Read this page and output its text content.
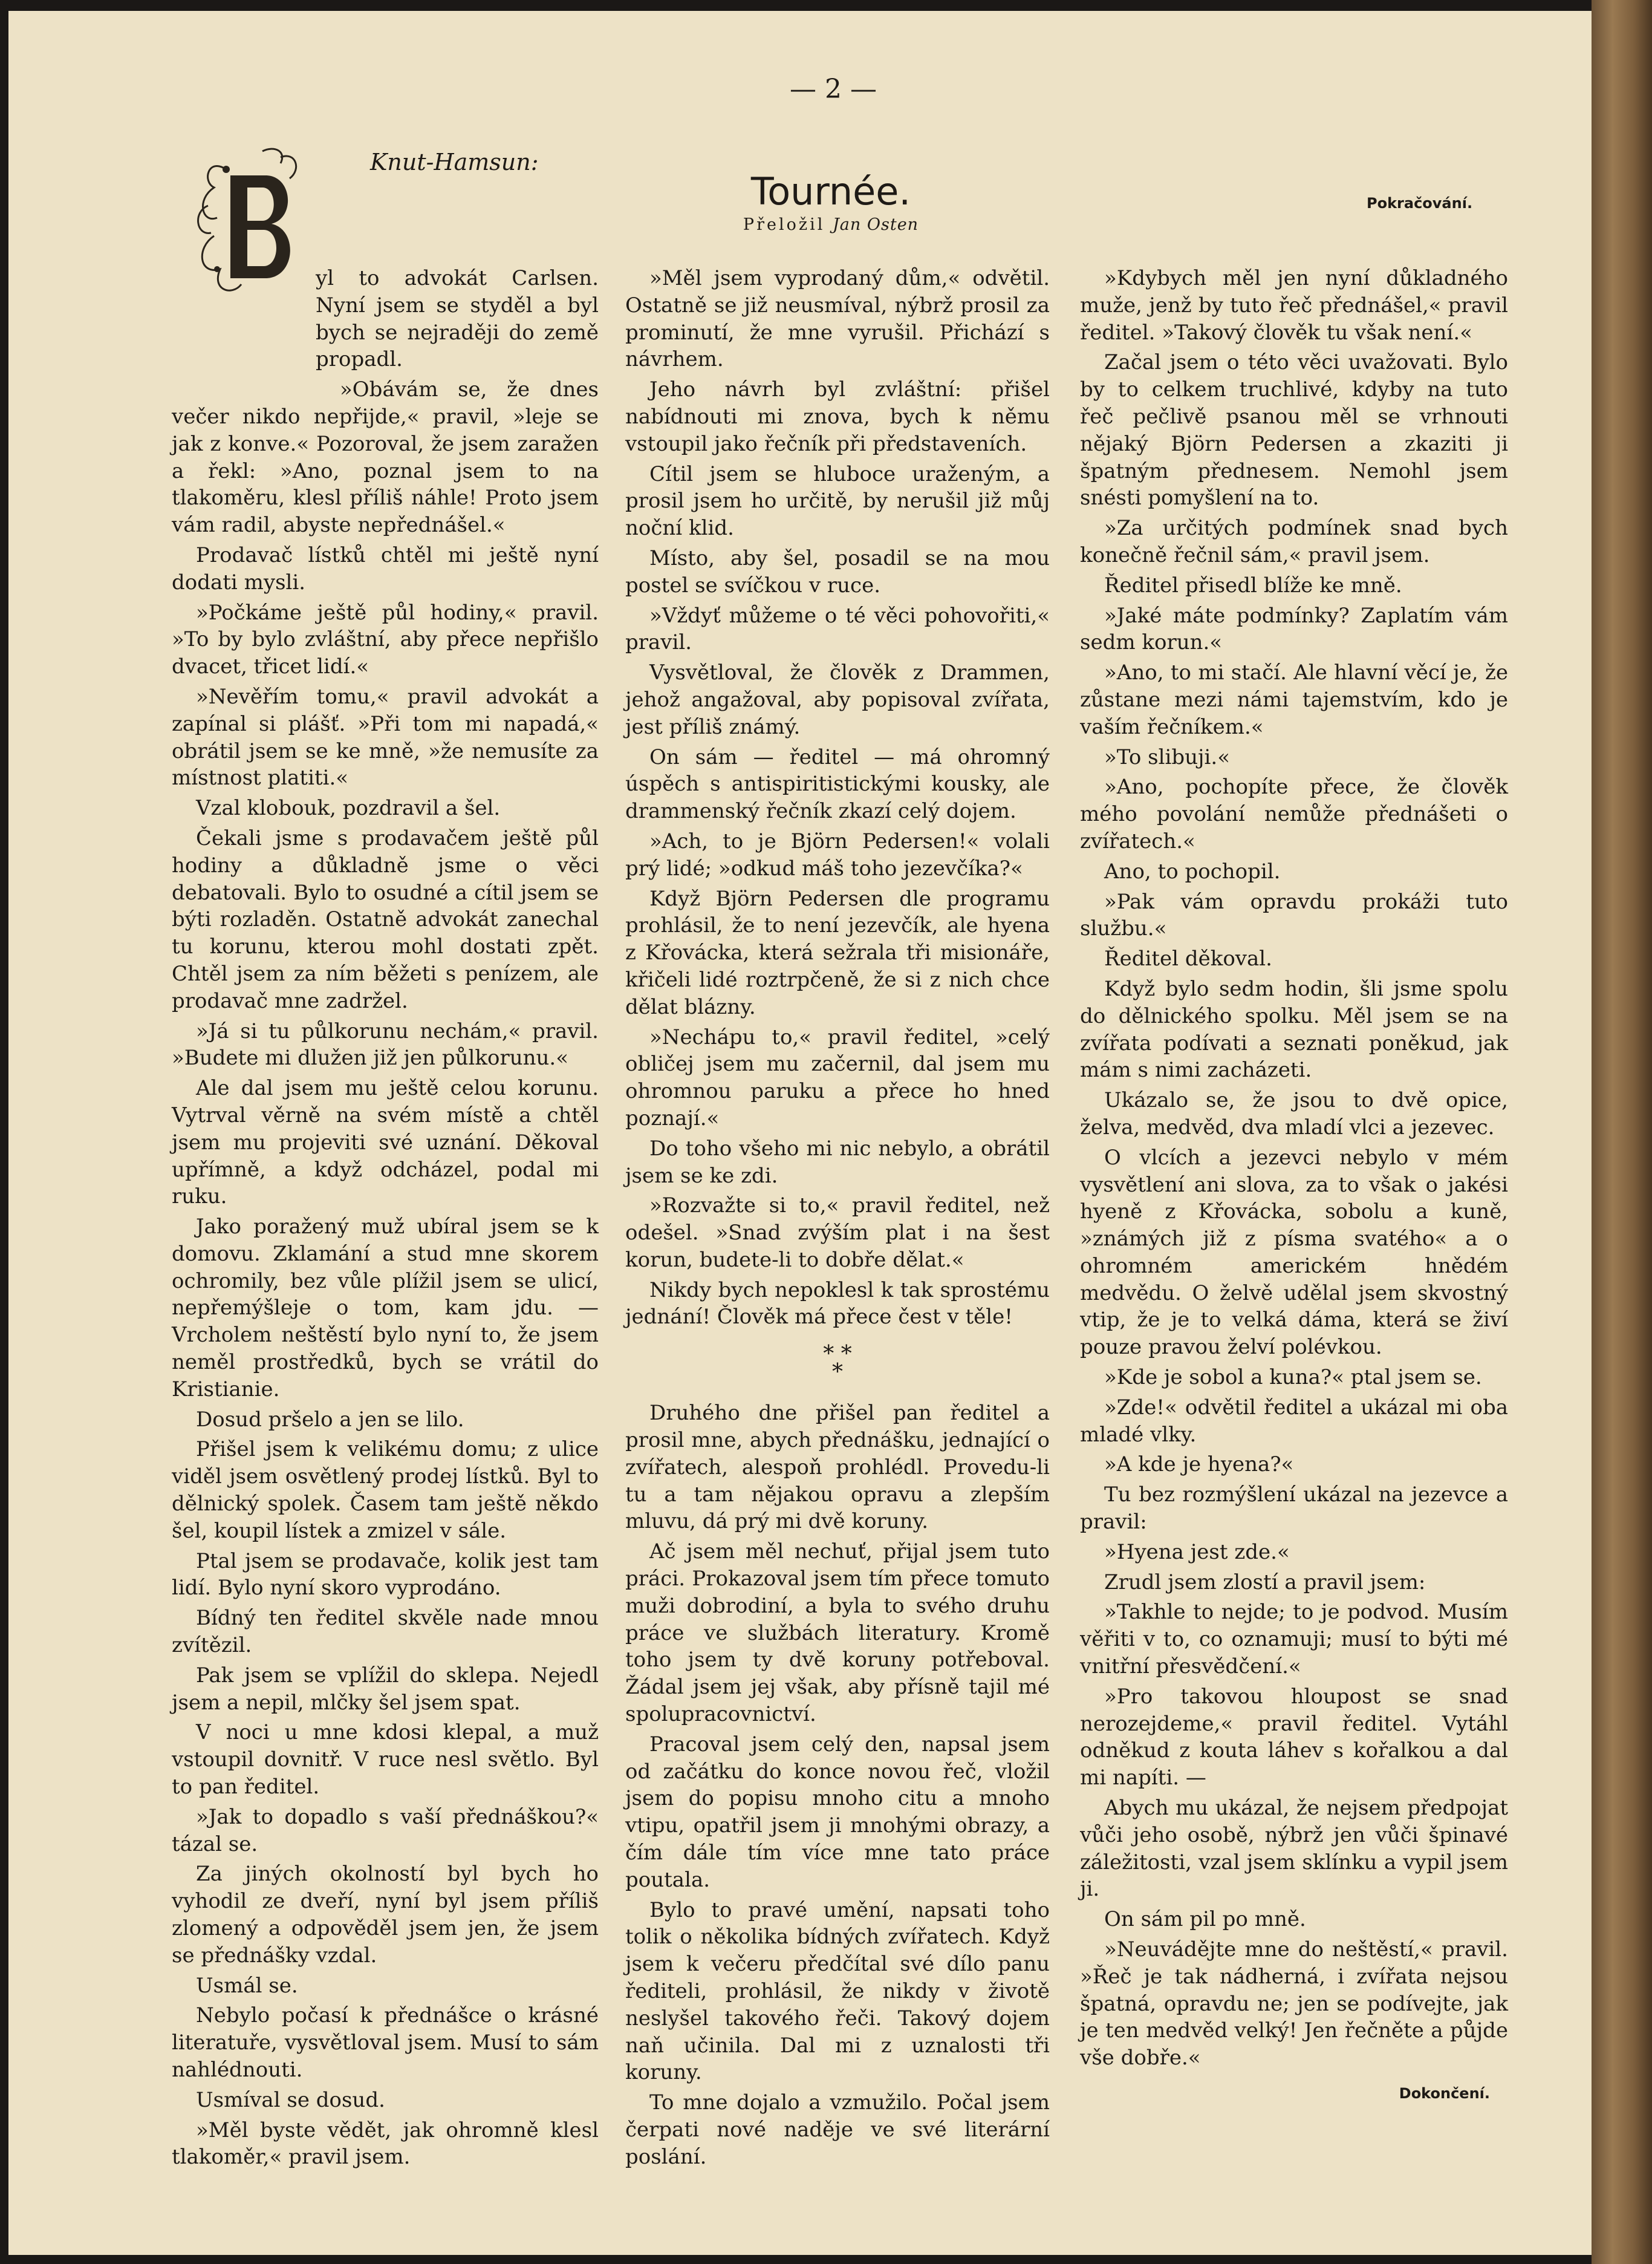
— 2 —
Knut-Hamsun:
Tournée.
Přeložil Jan Osten
Pokračování.

yl to advokát Carlsen. Nyní jsem se styděl a byl bych se nejraději do země propadl.

»Obávám se, že dnes večer nikdo nepřijde,« pravil, »leje se jak z konve.« Pozoroval, že jsem zaražen a řekl: »Ano, poznal jsem to na tlakoměru, klesl příliš náhle! Proto jsem vám radil, abyste nepřednášel.«

Prodavač lístků chtěl mi ještě nyní dodati mysli.

»Počkáme ještě půl hodiny,« pravil. »To by bylo zvláštní, aby přece nepřišlo dvacet, třicet lidí.«

»Nevěřím tomu,« pravil advokát a zapínal si plášť. »Při tom mi napadá,« obrátil jsem se ke mně, »že nemusíte za místnost platiti.«

Vzal klobouk, pozdravil a šel.

Čekali jsme s prodavačem ještě půl hodiny a důkladně jsme o věci debatovali. Bylo to osudné a cítil jsem se býti rozladěn. Ostatně advokát zanechal tu korunu, kterou mohl dostati zpět. Chtěl jsem za ním běžeti s penízem, ale prodavač mne zadržel.

»Já si tu půlkorunu nechám,« pravil. »Budete mi dlužen již jen půlkorunu.«

Ale dal jsem mu ještě celou korunu. Vytrval věrně na svém místě a chtěl jsem mu projeviti své uznání. Děkoval upřímně, a když odcházel, podal mi ruku.

Jako poražený muž ubíral jsem se k domovu. Zklamání a stud mne skorem ochromily, bez vůle plížil jsem se ulicí, nepřemýšleje o tom, kam jdu. — Vrcholem neštěstí bylo nyní to, že jsem neměl prostředků, bych se vrátil do Kristianie.

Dosud pršelo a jen se lilo.

Přišel jsem k velikému domu; z ulice viděl jsem osvětlený prodej lístků. Byl to dělnický spolek. Časem tam ještě někdo šel, koupil lístek a zmizel v sále.

Ptal jsem se prodavače, kolik jest tam lidí. Bylo nyní skoro vyprodáno.

Bídný ten ředitel skvěle nade mnou zvítězil.

Pak jsem se vplížil do sklepa. Nejedl jsem a nepil, mlčky šel jsem spat.

V noci u mne kdosi klepal, a muž vstoupil dovnitř. V ruce nesl světlo. Byl to pan ředitel.

»Jak to dopadlo s vaší přednáškou?« tázal se.

Za jiných okolností byl bych ho vyhodil ze dveří, nyní byl jsem příliš zlomený a odpověděl jsem jen, že jsem se přednášky vzdal.

Usmál se.

Nebylo počasí k přednášce o krásné literatuře, vysvětloval jsem. Musí to sám nahlédnouti.

Usmíval se dosud.

»Měl byste vědět, jak ohromně klesl tlakoměr,« pravil jsem.

»Měl jsem vyprodaný dům,« odvětil. Ostatně se již neusmíval, nýbrž prosil za prominutí, že mne vyrušil. Přichází s návrhem.

Jeho návrh byl zvláštní: přišel nabídnouti mi znova, bych k němu vstoupil jako řečník při představeních.

Cítil jsem se hluboce uraženým, a prosil jsem ho určitě, by nerušil již můj noční klid.

Místo, aby šel, posadil se na mou postel se svíčkou v ruce.

»Vždyť můžeme o té věci pohovořiti,« pravil.

Vysvětloval, že člověk z Drammen, jehož angažoval, aby popisoval zvířata, jest příliš známý.

On sám — ředitel — má ohromný úspěch s antispiritistickými kousky, ale drammenský řečník zkazí celý dojem.

»Ach, to je Björn Pedersen!« volali prý lidé; »odkud máš toho jezevčíka?«

Když Björn Pedersen dle programu prohlásil, že to není jezevčík, ale hyena z Křovácka, která sežrala tři misionáře, křičeli lidé roztrpčeně, že si z nich chce dělat blázny.

»Nechápu to,« pravil ředitel, »celý obličej jsem mu začernil, dal jsem mu ohromnou paruku a přece ho hned poznají.«

Do toho všeho mi nic nebylo, a obrátil jsem se ke zdi.

»Rozvažte si to,« pravil ředitel, než odešel. »Snad zvýším plat i na šest korun, budete-li to dobře dělat.«

Nikdy bych nepoklesl k tak sprostému jednání! Člověk má přece čest v těle!

* *
*

Druhého dne přišel pan ředitel a prosil mne, abych přednášku, jednající o zvířatech, alespoň prohlédl. Provedu-li tu a tam nějakou opravu a zlepším mluvu, dá prý mi dvě koruny.

Ač jsem měl nechuť, přijal jsem tuto práci. Prokazoval jsem tím přece tomuto muži dobrodiní, a byla to svého druhu práce ve službách literatury. Kromě toho jsem ty dvě koruny potřeboval. Žádal jsem jej však, aby přísně tajil mé spolupracovnictví.

Pracoval jsem celý den, napsal jsem od začátku do konce novou řeč, vložil jsem do popisu mnoho citu a mnoho vtipu, opatřil jsem ji mnohými obrazy, a čím dále tím více mne tato práce poutala.

Bylo to pravé umění, napsati toho tolik o několika bídných zvířatech. Když jsem k večeru předčítal své dílo panu řediteli, prohlásil, že nikdy v životě neslyšel takového řeči. Takový dojem naň učinila. Dal mi z uznalosti tři koruny.

To mne dojalo a vzmužilo. Počal jsem čerpati nové naděje ve své literární poslání.

»Kdybych měl jen nyní důkladného muže, jenž by tuto řeč přednášel,« pravil ředitel. »Takový člověk tu však není.«

Začal jsem o této věci uvažovati. Bylo by to celkem truchlivé, kdyby na tuto řeč pečlivě psanou měl se vrhnouti nějaký Björn Pedersen a zkaziti ji špatným přednesem. Nemohl jsem snésti pomyšlení na to.

»Za určitých podmínek snad bych konečně řečnil sám,« pravil jsem.

Ředitel přisedl blíže ke mně.

»Jaké máte podmínky? Zaplatím vám sedm korun.«

»Ano, to mi stačí. Ale hlavní věcí je, že zůstane mezi námi tajemstvím, kdo je vaším řečníkem.«

»To slibuji.«

»Ano, pochopíte přece, že člověk mého povolání nemůže přednášeti o zvířatech.«

Ano, to pochopil.

»Pak vám opravdu prokáži tuto službu.«

Ředitel děkoval.

Když bylo sedm hodin, šli jsme spolu do dělnického spolku. Měl jsem se na zvířata podívati a seznati poněkud, jak mám s nimi zacházeti.

Ukázalo se, že jsou to dvě opice, želva, medvěd, dva mladí vlci a jezevec.

O vlcích a jezevci nebylo v mém vysvětlení ani slova, za to však o jakési hyeně z Křovácka, sobolu a kuně, »známých již z písma svatého« a o ohromném americkém hnědém medvědu. O želvě udělal jsem skvostný vtip, že je to velká dáma, která se živí pouze pravou želví polévkou.

»Kde je sobol a kuna?« ptal jsem se.

»Zde!« odvětil ředitel a ukázal mi oba mladé vlky.

»A kde je hyena?«

Tu bez rozmýšlení ukázal na jezevce a pravil:

»Hyena jest zde.«

Zrudl jsem zlostí a pravil jsem:

»Takhle to nejde; to je podvod. Musím věřiti v to, co oznamuji; musí to býti mé vnitřní přesvědčení.«

»Pro takovou hloupost se snad nerozejdeme,« pravil ředitel. Vytáhl odněkud z kouta láhev s kořalkou a dal mi napíti. —

Abych mu ukázal, že nejsem předpojat vůči jeho osobě, nýbrž jen vůči špinavé záležitosti, vzal jsem sklínku a vypil jsem ji.

On sám pil po mně.

»Neuvádějte mne do neštěstí,« pravil. »Řeč je tak nádherná, i zvířata nejsou špatná, opravdu ne; jen se podívejte, jak je ten medvěd velký! Jen řečněte a půjde vše dobře.«

Dokončení.
